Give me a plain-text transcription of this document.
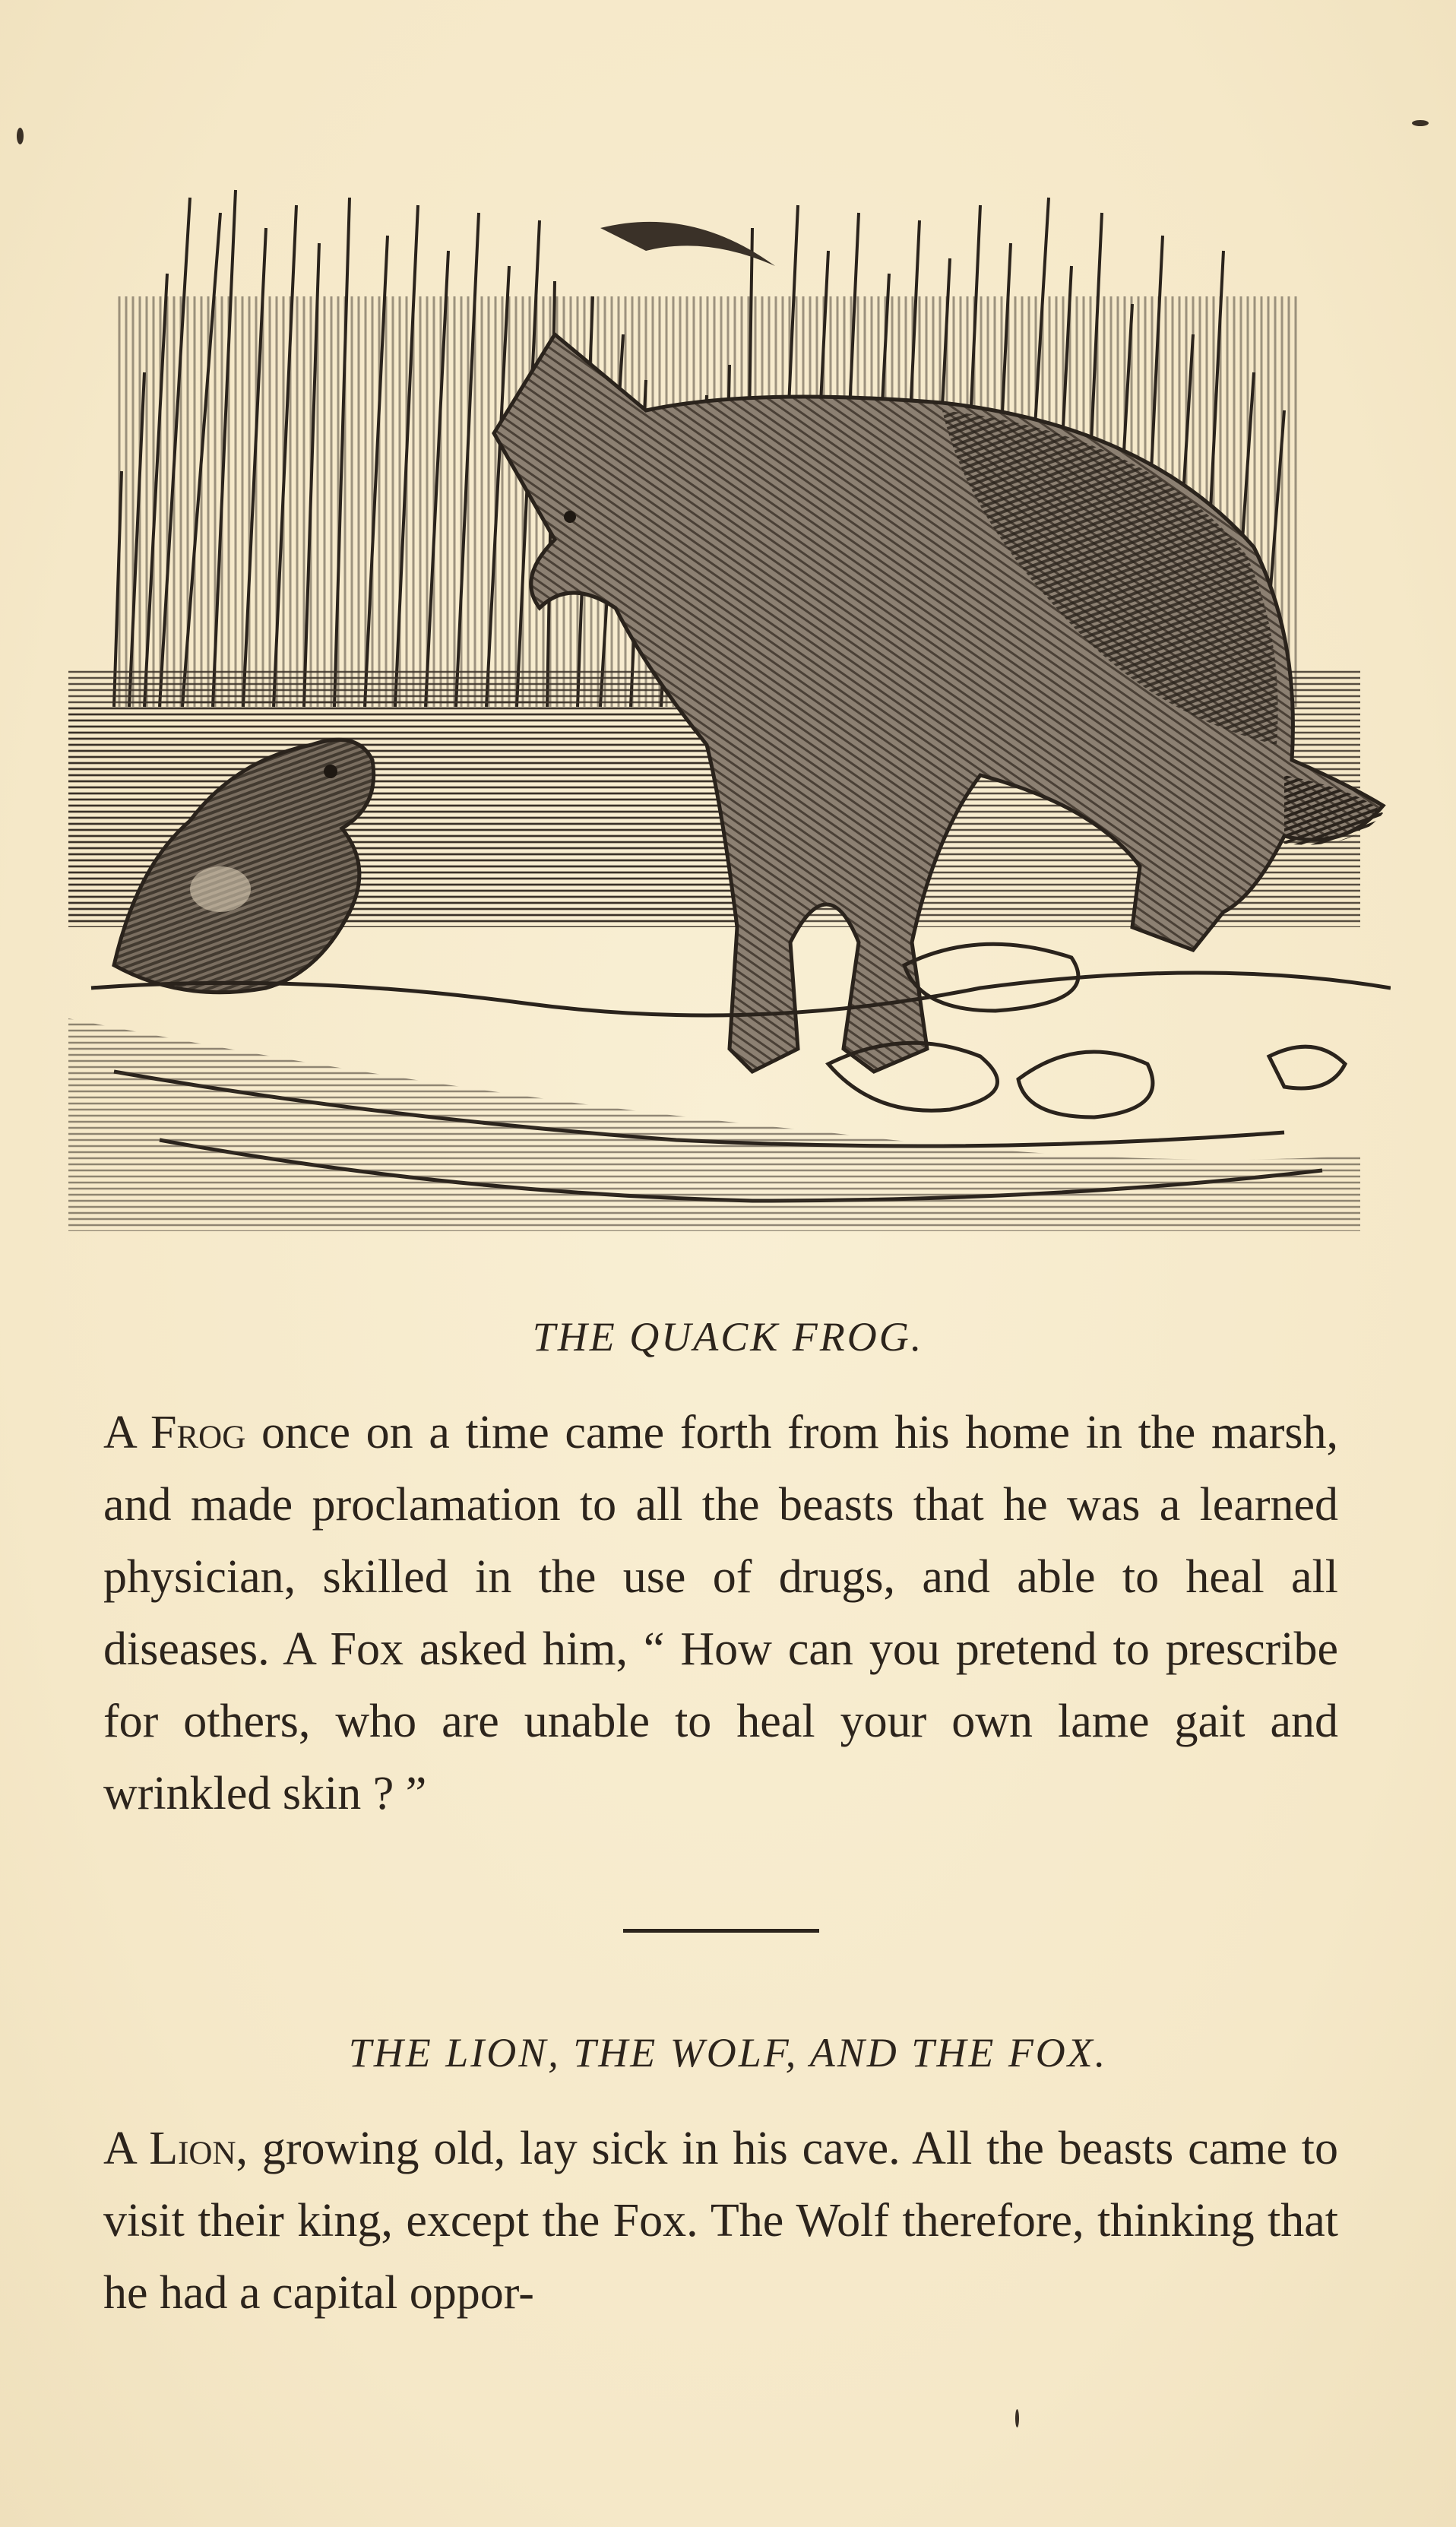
THE QUACK FROG.
A Frog once on a time came forth from his home in the marsh, and made proclamation to all the beasts that he was a learned physician, skilled in the use of drugs, and able to heal all diseases. A Fox asked him, “ How can you pretend to prescribe for others, who are unable to heal your own lame gait and wrinkled skin ? ”
THE LION, THE WOLF, AND THE FOX.
A Lion, growing old, lay sick in his cave. All the beasts came to visit their king, except the Fox. The Wolf therefore, thinking that he had a capital oppor-
